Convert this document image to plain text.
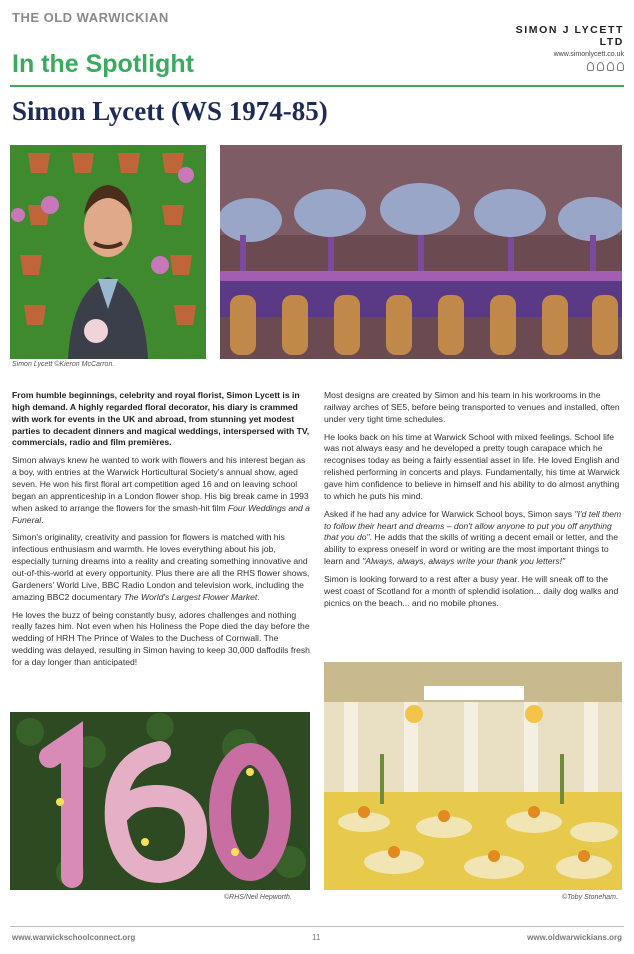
THE OLD WARWICKIAN
SIMON J LYCETT LTD
www.simonlycett.co.uk
In the Spotlight
Simon Lycett (WS 1974-85)
Simon Lycett ©Kieron McCarron.

From humble beginnings, celebrity and royal florist, Simon Lycett is in high demand. A highly regarded floral decorator, his diary is crammed with work for events in the UK and abroad, from stunning yet modest parties to decadent dinners and magical weddings, interspersed with TV, commercials, radio and film premières.

Simon always knew he wanted to work with flowers and his interest began as a boy, with entries at the Warwick Horticultural Society's annual show, aged seven. He won his first floral art competition aged 16 and on leaving school began an apprenticeship in a London flower shop. His big break came in 1993 when asked to arrange the flowers for the smash-hit film Four Weddings and a Funeral.

Simon's originality, creativity and passion for flowers is matched with his infectious enthusiasm and warmth. He loves everything about his job, especially turning dreams into a reality and creating something innovative and out-of-this-world at every opportunity. Plus there are all the RHS flower shows, Gardeners' World Live, BBC Radio London and television work, including the amazing BBC2 documentary The World's Largest Flower Market.

He loves the buzz of being constantly busy, adores challenges and nothing really fazes him. Not even when his Holiness the Pope died the day before the wedding of HRH The Prince of Wales to the Duchess of Cornwall. The wedding was delayed, resulting in Simon having to keep 30,000 daffodils fresh for a day longer than anticipated!

Most designs are created by Simon and his team in his workrooms in the railway arches of SE5, before being transported to venues and installed, often under very tight time schedules.

He looks back on his time at Warwick School with mixed feelings. School life was not always easy and he developed a pretty tough carapace which he recognises today as being a fairly essential asset in life. He loved English and relished performing in concerts and plays. Fundamentally, his time at Warwick gave him confidence to believe in himself and his ability to do almost anything to which he puts his mind.

Asked if he had any advice for Warwick School boys, Simon says "I'd tell them to follow their heart and dreams – don't allow anyone to put you off anything that you do". He adds that the skills of writing a decent email or letter, and the ability to express oneself in word or writing are the most important things to learn and "Always, always, always write your thank you letters!"

Simon is looking forward to a rest after a busy year. He will sneak off to the west coast of Scotland for a month of splendid isolation... daily dog walks and picnics on the beach... and no mobile phones.

©RHS/Neil Hepworth.	©Toby Stoneham.
www.warwickschoolconnect.org	11	www.oldwarwickians.org
